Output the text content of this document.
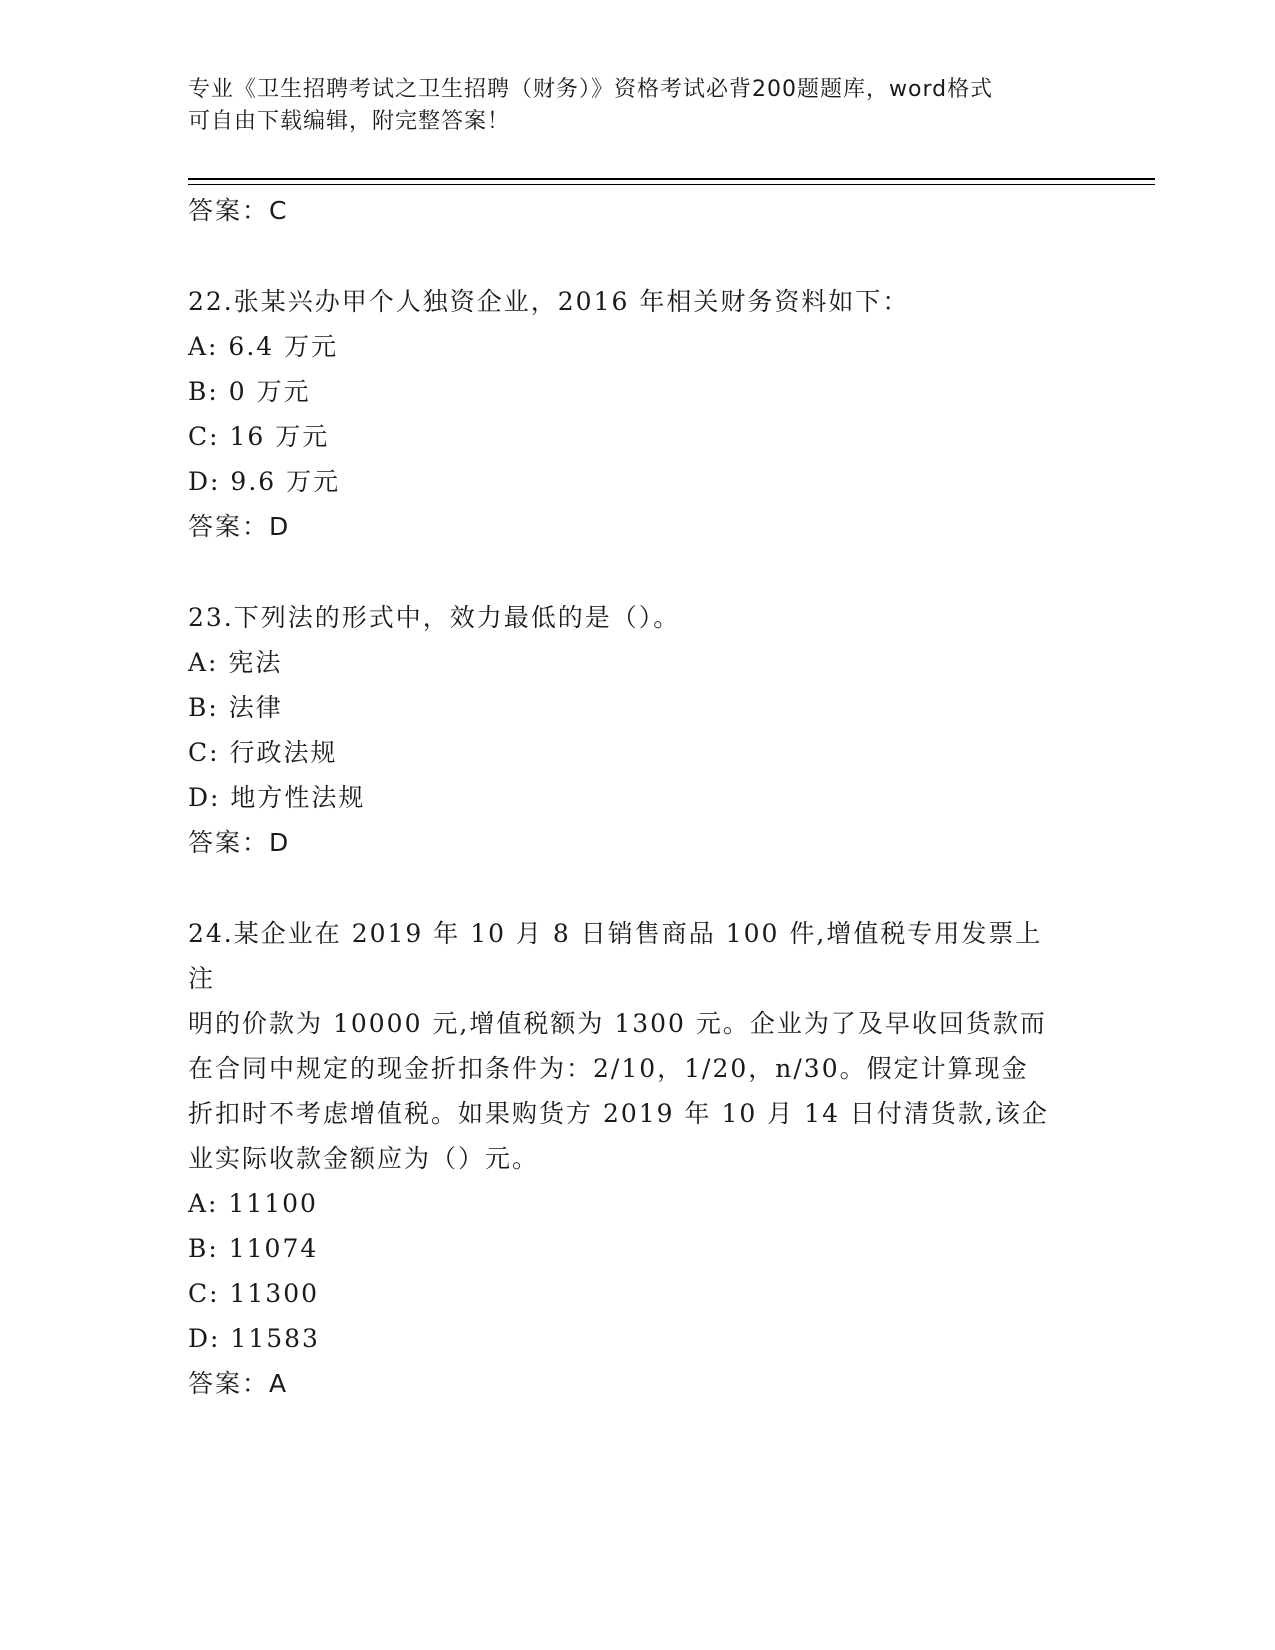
专业《卫生招聘考试之卫生招聘（财务）》资格考试必背200题题库，word格式
可自由下载编辑，附完整答案！
答案：C
22.张某兴办甲个人独资企业，2016 年相关财务资料如下：
A: 6.4 万元
B: 0 万元
C: 16 万元
D: 9.6 万元
答案：D
23.下列法的形式中，效力最低的是（）。
A: 宪法
B: 法律
C: 行政法规
D: 地方性法规
答案：D
24.某企业在 2019 年 10 月 8 日销售商品 100 件,增值税专用发票上注
明的价款为 10000 元,增值税额为 1300 元。企业为了及早收回货款而
在合同中规定的现金折扣条件为：2/10，1/20，n/30。假定计算现金
折扣时不考虑增值税。如果购货方 2019 年 10 月 14 日付清货款,该企
业实际收款金额应为（）元。
A: 11100
B: 11074
C: 11300
D: 11583
答案：A
